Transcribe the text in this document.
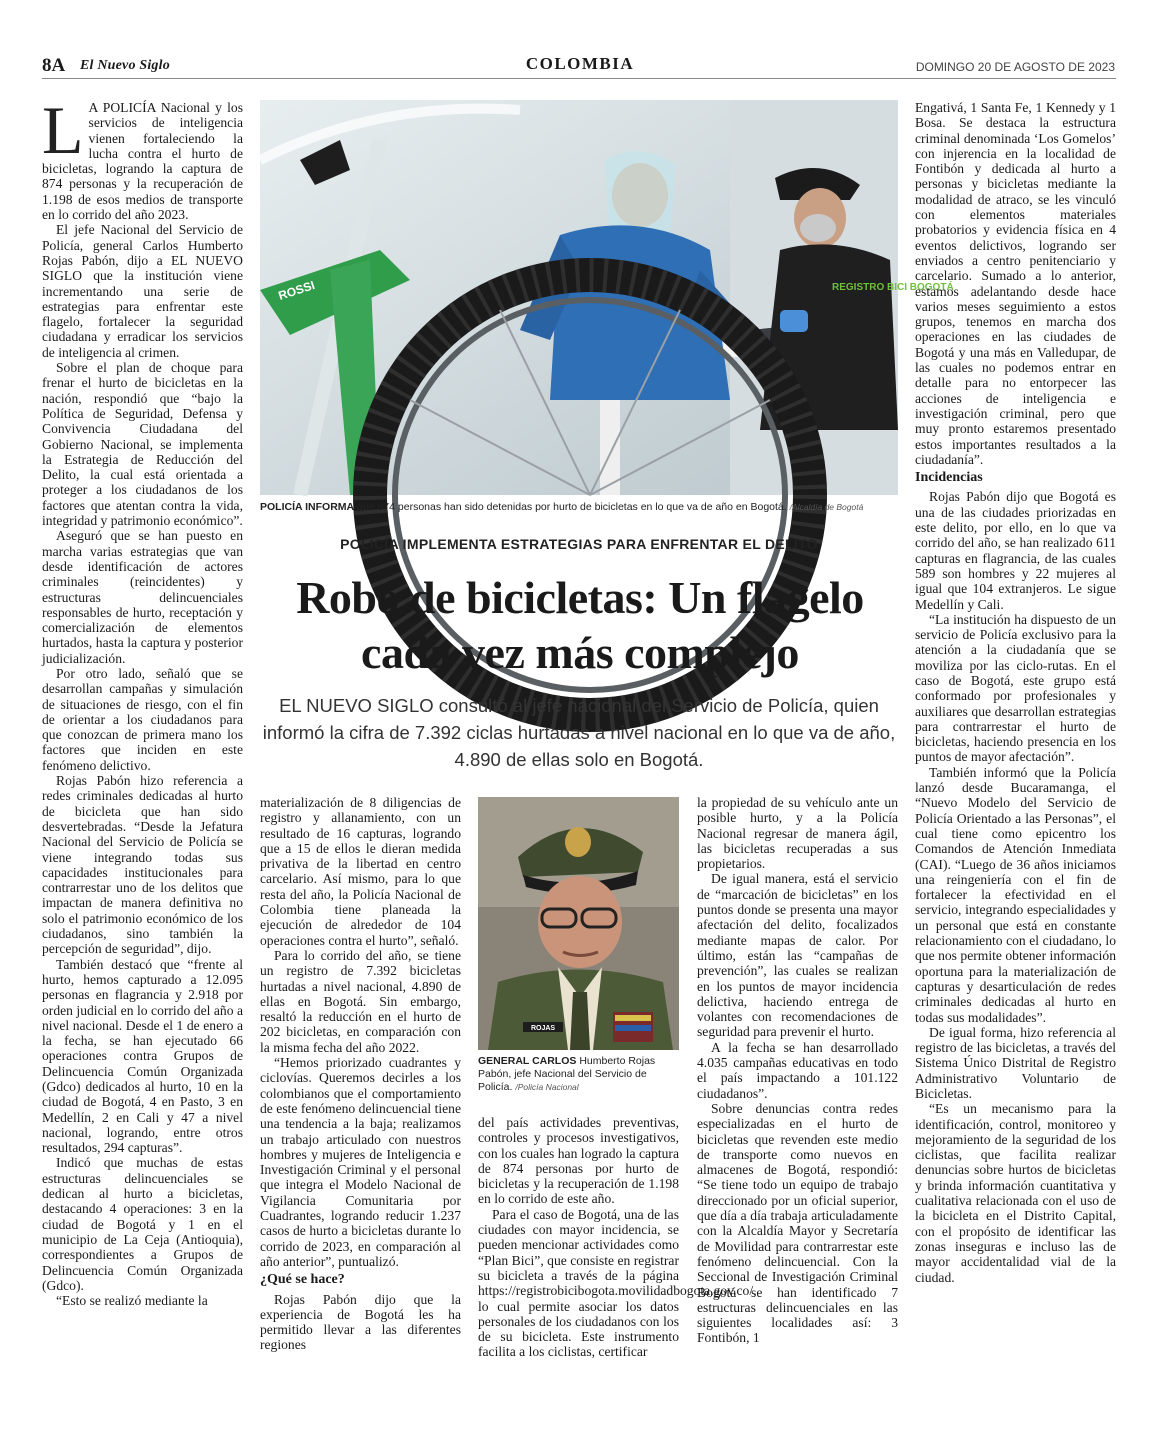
8A El Nuevo Siglo	COLOMBIA	DOMINGO 20 DE AGOSTO DE 2023
L A POLICÍA Nacional y los servicios de inteligencia vienen fortaleciendo la lucha contra el hurto de bicicletas, logrando la captura de 874 personas y la recuperación de 1.198 de esos medios de transporte en lo corrido del año 2023.

El jefe Nacional del Servicio de Policía, general Carlos Humberto Rojas Pabón, dijo a EL NUEVO SIGLO que la institución viene incrementando una serie de estrategias para enfrentar este flagelo, fortalecer la seguridad ciudadana y erradicar los servicios de inteligencia al crimen.

Sobre el plan de choque para frenar el hurto de bicicletas en la nación, respondió que “bajo la Política de Seguridad, Defensa y Convivencia Ciudadana del Gobierno Nacional, se implementa la Estrategia de Reducción del Delito, la cual está orientada a proteger a los ciudadanos de los factores que atentan contra la vida, integridad y patrimonio económico”.

Aseguró que se han puesto en marcha varias estrategias que van desde identificación de actores criminales (reincidentes) y estructuras delincuenciales responsables de hurto, receptación y comercialización de elementos hurtados, hasta la captura y posterior judicialización.

Por otro lado, señaló que se desarrollan campañas y simulación de situaciones de riesgo, con el fin de orientar a los ciudadanos para que conozcan de primera mano los factores que inciden en este fenómeno delictivo.

Rojas Pabón hizo referencia a redes criminales dedicadas al hurto de bicicleta que han sido desvertebradas. “Desde la Jefatura Nacional del Servicio de Policía se viene integrando todas sus capacidades institucionales para contrarrestar uno de los delitos que impactan de manera definitiva no solo el patrimonio económico de los ciudadanos, sino también la percepción de seguridad”, dijo.

También destacó que “frente al hurto, hemos capturado a 12.095 personas en flagrancia y 2.918 por orden judicial en lo corrido del año a nivel nacional. Desde el 1 de enero a la fecha, se han ejecutado 66 operaciones contra Grupos de Delincuencia Común Organizada (Gdco) dedicados al hurto, 10 en la ciudad de Bogotá, 4 en Pasto, 3 en Medellín, 2 en Cali y 47 a nivel nacional, logrando, entre otros resultados, 294 capturas”.

Indicó que muchas de estas estructuras delincuenciales se dedican al hurto a bicicletas, destacando 4 operaciones: 3 en la ciudad de Bogotá y 1 en el municipio de La Ceja (Antioquia), correspondientes a Grupos de Delincuencia Común Organizada (Gdco).

“Esto se realizó mediante la

REGISTRO BICI BOGOTÁ
ROSSI
POLICÍA INFORMA que 874 personas han sido detenidas por hurto de bicicletas en lo que va de año en Bogotá. /Alcaldía de Bogotá
POLICÍA IMPLEMENTA ESTRATEGIAS PARA ENFRENTAR EL DELITO
Robo de bicicletas: Un flagelo
cada vez más complejo
EL NUEVO SIGLO consultó al jefe nacional del Servicio de Policía, quien informó la cifra de 7.392 ciclas hurtadas a nivel nacional en lo que va de año, 4.890 de ellas solo en Bogotá.

materialización de 8 diligencias de registro y allanamiento, con un resultado de 16 capturas, logrando que a 15 de ellos le dieran medida privativa de la libertad en centro carcelario. Así mismo, para lo que resta del año, la Policía Nacional de Colombia tiene planeada la ejecución de alrededor de 104 operaciones contra el hurto”, señaló.

Para lo corrido del año, se tiene un registro de 7.392 bicicletas hurtadas a nivel nacional, 4.890 de ellas en Bogotá. Sin embargo, resaltó la reducción en el hurto de 202 bicicletas, en comparación con la misma fecha del año 2022.

“Hemos priorizado cuadrantes y ciclovías. Queremos decirles a los colombianos que el comportamiento de este fenómeno delincuencial tiene una tendencia a la baja; realizamos un trabajo articulado con nuestros hombres y mujeres de Inteligencia e Investigación Criminal y el personal que integra el Modelo Nacional de Vigilancia Comunitaria por Cuadrantes, logrando reducir 1.237 casos de hurto a bicicletas durante lo corrido de 2023, en comparación al año anterior”, puntualizó.

¿Qué se hace?

Rojas Pabón dijo que la experiencia de Bogotá les ha permitido llevar a las diferentes regiones

ROJAS
GENERAL CARLOS Humberto Rojas Pabón, jefe Nacional del Servicio de Policía. /Policía Nacional

del país actividades preventivas, controles y procesos investigativos, con los cuales han logrado la captura de 874 personas por hurto de bicicletas y la recuperación de 1.198 en lo corrido de este año.

Para el caso de Bogotá, una de las ciudades con mayor incidencia, se pueden mencionar actividades como “Plan Bici”, que consiste en registrar su bicicleta a través de la página https://registrobicibogota.movilidadbogota.gov.co/, lo cual permite asociar los datos personales de los ciudadanos con los de su bicicleta. Este instrumento facilita a los ciclistas, certificar

la propiedad de su vehículo ante un posible hurto, y a la Policía Nacional regresar de manera ágil, las bicicletas recuperadas a sus propietarios.

De igual manera, está el servicio de “marcación de bicicletas” en los puntos donde se presenta una mayor afectación del delito, focalizados mediante mapas de calor. Por último, están las “campañas de prevención”, las cuales se realizan en los puntos de mayor incidencia delictiva, haciendo entrega de volantes con recomendaciones de seguridad para prevenir el hurto.

A la fecha se han desarrollado 4.035 campañas educativas en todo el país impactando a 101.122 ciudadanos”.

Sobre denuncias contra redes especializadas en el hurto de bicicletas que revenden este medio de transporte como nuevos en almacenes de Bogotá, respondió: “Se tiene todo un equipo de trabajo direccionado por un oficial superior, que día a día trabaja articuladamente con la Alcaldía Mayor y Secretaría de Movilidad para contrarrestar este fenómeno delincuencial. Con la Seccional de Investigación Criminal Bogotá se han identificado 7 estructuras delincuenciales en las siguientes localidades así: 3 Fontibón, 1

Engativá, 1 Santa Fe, 1 Kennedy y 1 Bosa. Se destaca la estructura criminal denominada ‘Los Gomelos’ con injerencia en la localidad de Fontibón y dedicada al hurto a personas y bicicletas mediante la modalidad de atraco, se les vinculó con elementos materiales probatorios y evidencia física en 4 eventos delictivos, logrando ser enviados a centro penitenciario y carcelario. Sumado a lo anterior, estamos adelantando desde hace varios meses seguimiento a estos grupos, tenemos en marcha dos operaciones en las ciudades de Bogotá y una más en Valledupar, de las cuales no podemos entrar en detalle para no entorpecer las acciones de inteligencia e investigación criminal, pero que muy pronto estaremos presentado estos importantes resultados a la ciudadanía”.

Incidencias

Rojas Pabón dijo que Bogotá es una de las ciudades priorizadas en este delito, por ello, en lo que va corrido del año, se han realizado 611 capturas en flagrancia, de las cuales 589 son hombres y 22 mujeres al igual que 104 extranjeros. Le sigue Medellín y Cali.

“La institución ha dispuesto de un servicio de Policía exclusivo para la atención a la ciudadanía que se moviliza por las ciclo-rutas. En el caso de Bogotá, este grupo está conformado por profesionales y auxiliares que desarrollan estrategias para contrarrestar el hurto de bicicletas, haciendo presencia en los puntos de mayor afectación”.

También informó que la Policía lanzó desde Bucaramanga, el “Nuevo Modelo del Servicio de Policía Orientado a las Personas”, el cual tiene como epicentro los Comandos de Atención Inmediata (CAI). “Luego de 36 años iniciamos una reingeniería con el fin de fortalecer la efectividad en el servicio, integrando especialidades y un personal que está en constante relacionamiento con el ciudadano, lo que nos permite obtener información oportuna para la materialización de capturas y desarticulación de redes criminales dedicadas al hurto en todas sus modalidades”.

De igual forma, hizo referencia al registro de las bicicletas, a través del Sistema Único Distrital de Registro Administrativo Voluntario de Bicicletas.

“Es un mecanismo para la identificación, control, monitoreo y mejoramiento de la seguridad de los ciclistas, que facilita realizar denuncias sobre hurtos de bicicletas y brinda información cuantitativa y cualitativa relacionada con el uso de la bicicleta en el Distrito Capital, con el propósito de identificar las zonas inseguras e incluso las de mayor accidentalidad vial de la ciudad.
